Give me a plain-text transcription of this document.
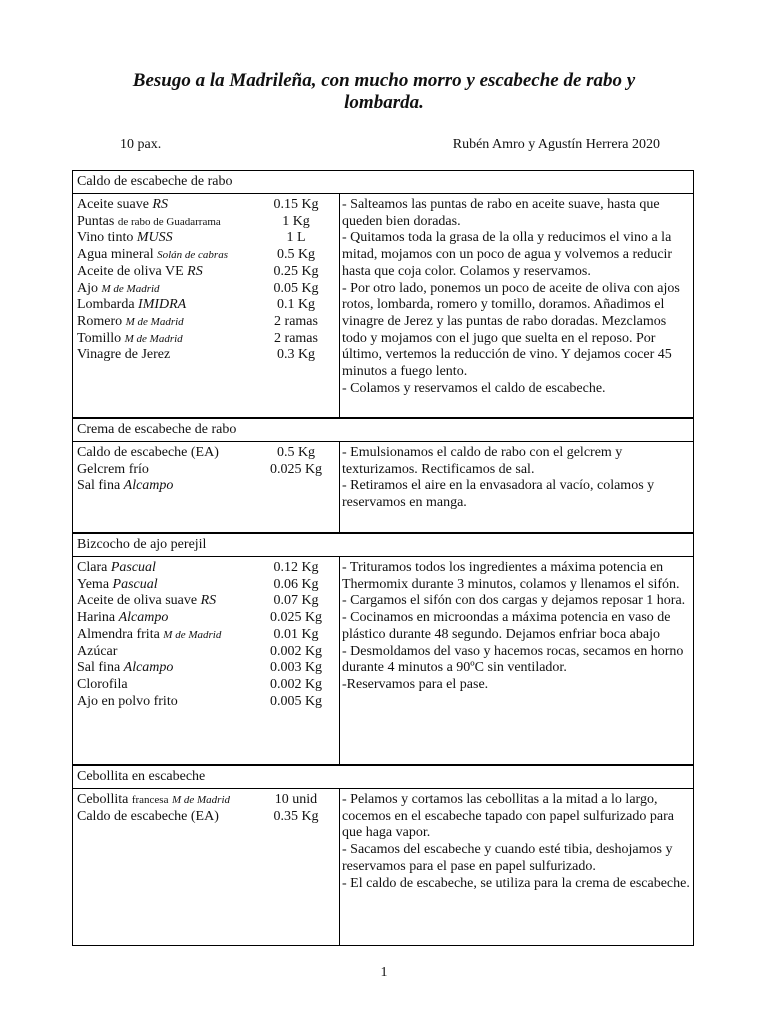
Besugo a la Madrileña, con mucho morro y escabeche de rabo y lombarda.
10 pax.	Rubén Amro y Agustín Herrera 2020
Caldo de escabeche de rabo
Aceite suave RS
Puntas de rabo de Guadarrama
Vino tinto MUSS
Agua mineral Solán de cabras
Aceite de oliva VE RS
Ajo M de Madrid
Lombarda IMIDRA
Romero M de Madrid
Tomillo M de Madrid
Vinagre de Jerez
0.15 Kg
1 Kg
1 L
0.5 Kg
0.25 Kg
0.05 Kg
0.1 Kg
2 ramas
2 ramas
0.3 Kg

- Salteamos las puntas de rabo en aceite suave, hasta que queden bien doradas.

- Quitamos toda la grasa de la olla y reducimos el vino a la mitad, mojamos con un poco de agua y volvemos a reducir hasta que coja color. Colamos y reservamos.

- Por otro lado, ponemos un poco de aceite de oliva con ajos rotos, lombarda, romero y tomillo, doramos. Añadimos el vinagre de Jerez y las puntas de rabo doradas. Mezclamos todo y mojamos con el jugo que suelta en el reposo. Por último, vertemos la reducción de vino. Y dejamos cocer 45 minutos a fuego lento.

- Colamos y reservamos el caldo de escabeche.

Crema de escabeche de rabo
Caldo de escabeche (EA)
Gelcrem frío
Sal fina Alcampo
0.5 Kg
0.025 Kg

- Emulsionamos el caldo de rabo con el gelcrem y texturizamos. Rectificamos de sal.

- Retiramos el aire en la envasadora al vacío, colamos y reservamos en manga.

Bizcocho de ajo perejil
Clara Pascual
Yema Pascual
Aceite de oliva suave RS
Harina Alcampo
Almendra frita M de Madrid
Azúcar
Sal fina Alcampo
Clorofila
Ajo en polvo frito
0.12 Kg
0.06 Kg
0.07 Kg
0.025 Kg
0.01 Kg
0.002 Kg
0.003 Kg
0.002 Kg
0.005 Kg

- Trituramos todos los ingredientes a máxima potencia en Thermomix durante 3 minutos, colamos y llenamos el sifón.

- Cargamos el sifón con dos cargas y dejamos reposar 1 hora.

- Cocinamos en microondas a máxima potencia en vaso de plástico durante 48 segundo. Dejamos enfriar boca abajo

- Desmoldamos del vaso y hacemos rocas, secamos en horno durante 4 minutos a 90ºC sin ventilador.

-Reservamos para el pase.

Cebollita en escabeche
Cebollita francesa M de Madrid
Caldo de escabeche (EA)
10 unid
0.35 Kg

- Pelamos y cortamos las cebollitas a la mitad a lo largo, cocemos en el escabeche tapado con papel sulfurizado para que haga vapor.

- Sacamos del escabeche y cuando esté tibia, deshojamos y reservamos para el pase en papel sulfurizado.

- El caldo de escabeche, se utiliza para la crema de escabeche.

1
